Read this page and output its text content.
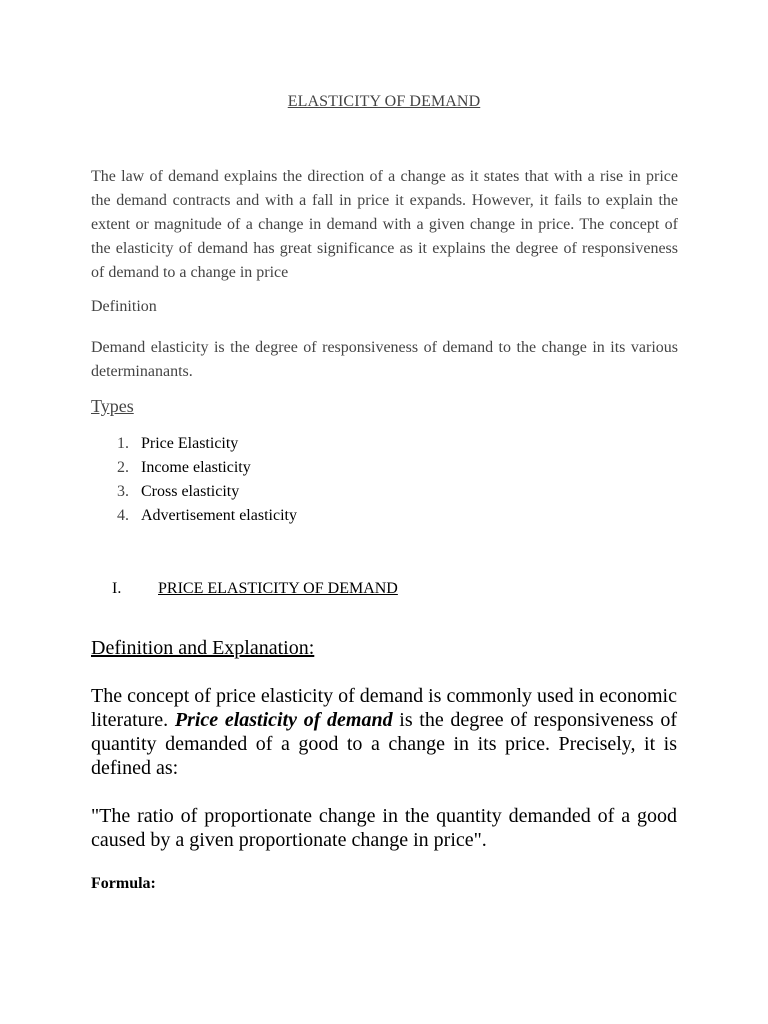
ELASTICITY OF DEMAND

The law of demand explains the direction of a change as it states that with a rise in price the demand contracts and with a fall in price it expands. However, it fails to explain the extent or magnitude of a change in demand with a given change in price. The concept of the elasticity of demand has great significance as it explains the degree of responsiveness of demand to a change in price

Definition

Demand elasticity is the degree of responsiveness of demand to the change in its various determinanants.

Types
1. Price Elasticity
2. Income elasticity
3. Cross elasticity
4. Advertisement elasticity
I. PRICE ELASTICITY OF DEMAND
Definition and Explanation:

The concept of price elasticity of demand is commonly used in economic literature. Price elasticity of demand is the degree of responsiveness of quantity demanded of a good to a change in its price. Precisely, it is defined as:

"The ratio of proportionate change in the quantity demanded of a good caused by a given proportionate change in price".

Formula:
